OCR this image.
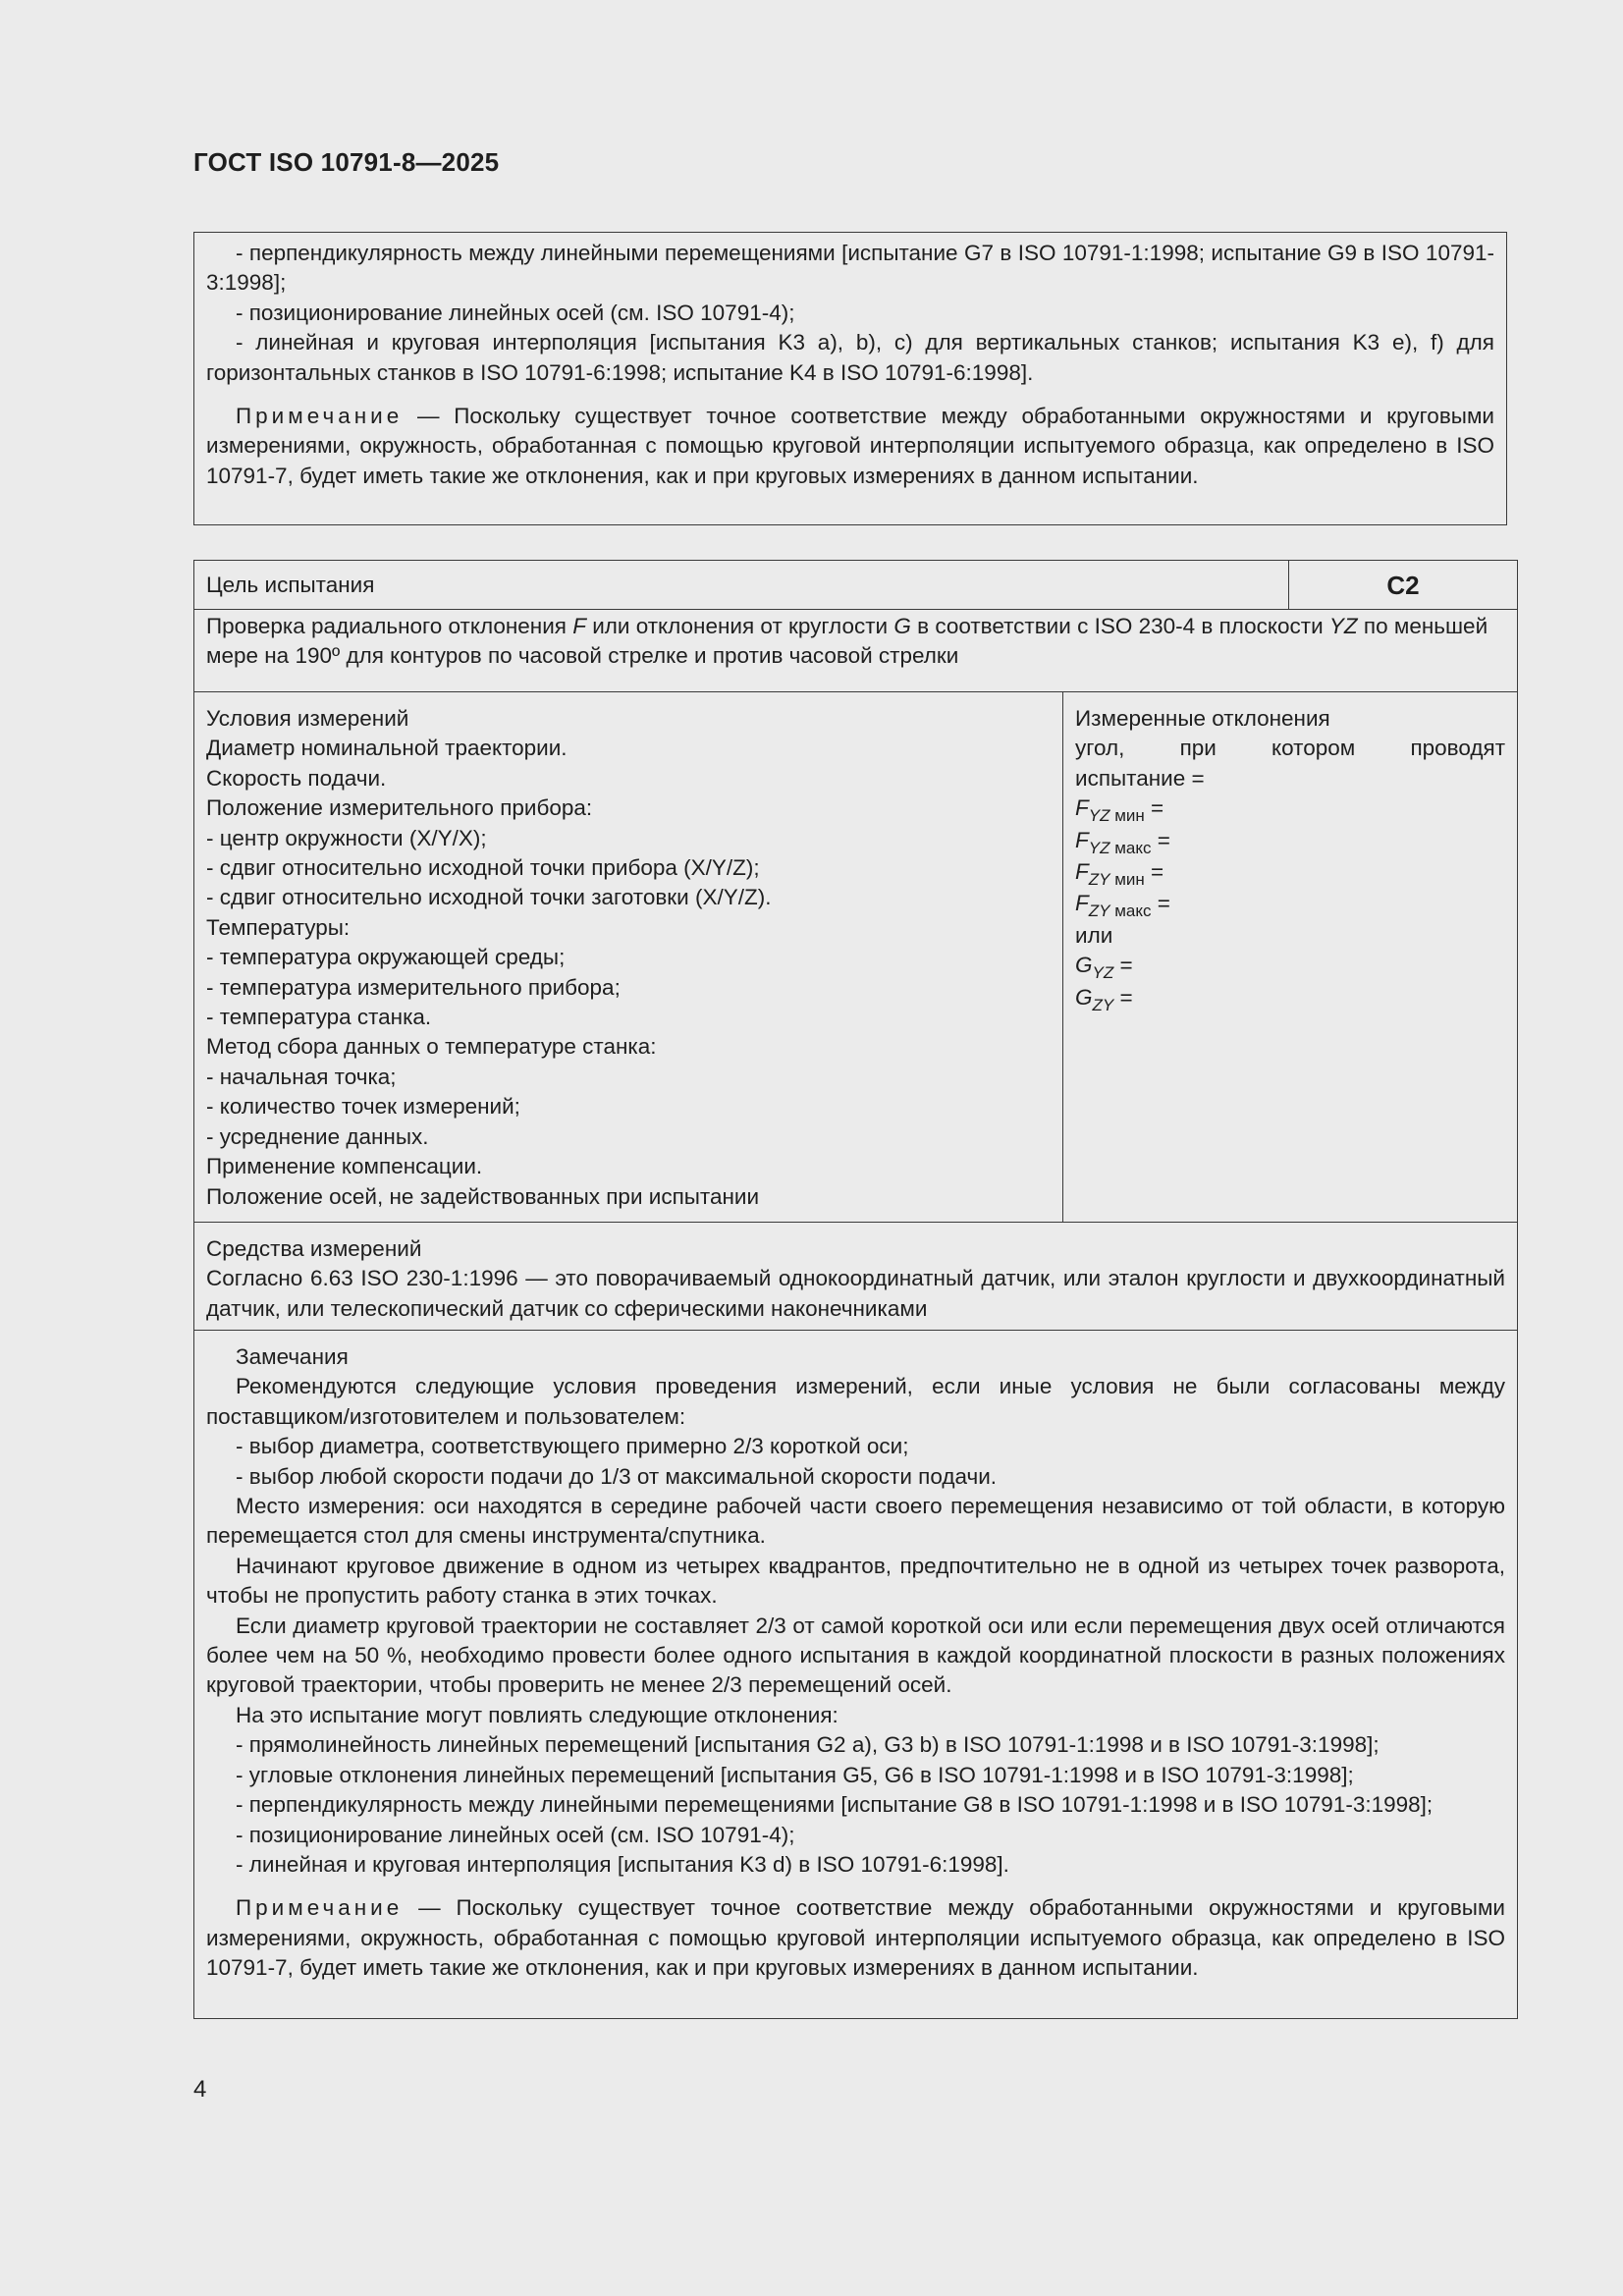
ГОСТ ISO 10791-8—2025

- перпендикулярность между линейными перемещениями [испытание G7 в ISO 10791-1:1998; испытание G9 в ISO 10791-3:1998];

- позиционирование линейных осей (см. ISO 10791-4);

- линейная и круговая интерполяция [испытания K3 a), b), c) для вертикальных станков; испытания K3 e), f) для горизонтальных станков в ISO 10791-6:1998; испытание K4 в ISO 10791-6:1998].

Примечание — Поскольку существует точное соответствие между обработанными окружностями и круговыми измерениями, окружность, обработанная с помощью круговой интерполяции испытуемого образца, как определено в ISO 10791-7, будет иметь такие же отклонения, как и при круговых измерениях в данном испытании.

Цель испытания	C2

Проверка радиального отклонения F или отклонения от круглости G в соответствии с ISO 230-4 в плоскости YZ по меньшей мере на 190º для контуров по часовой стрелке и против часовой стрелки

Условия измерений

Диаметр номинальной траектории.

Скорость подачи.

Положение измерительного прибора:

- центр окружности (X/Y/X);

- сдвиг относительно исходной точки прибора (X/Y/Z);

- сдвиг относительно исходной точки заготовки (X/Y/Z).

Температуры:

- температура окружающей среды;

- температура измерительного прибора;

- температура станка.

Метод сбора данных о температуре станка:

- начальная точка;

- количество точек измерений;

- усреднение данных.

Применение компенсации.

Положение осей, не задействованных при испытании

Измеренные отклонения

угол, при котором проводят

испытание =

$F_{YZ мин}$ =

$F_{YZ макс}$ =

$F_{ZY мин}$ =

$F_{ZY макс}$ =

или

$G_{YZ}$ =

$G_{ZY}$ =

Средства измерений

Согласно 6.63 ISO 230-1:1996 — это поворачиваемый однокоординатный датчик, или эталон круглости и двухкоординатный датчик, или телескопический датчик со сферическими наконечниками

Замечания

Рекомендуются следующие условия проведения измерений, если иные условия не были согласованы между поставщиком/изготовителем и пользователем:

- выбор диаметра, соответствующего примерно 2/3 короткой оси;

- выбор любой скорости подачи до 1/3 от максимальной скорости подачи.

Место измерения: оси находятся в середине рабочей части своего перемещения независимо от той области, в которую перемещается стол для смены инструмента/спутника.

Начинают круговое движение в одном из четырех квадрантов, предпочтительно не в одной из четырех точек разворота, чтобы не пропустить работу станка в этих точках.

Если диаметр круговой траектории не составляет 2/3 от самой короткой оси или если перемещения двух осей отличаются более чем на 50 %, необходимо провести более одного испытания в каждой координатной плоскости в разных положениях круговой траектории, чтобы проверить не менее 2/3 перемещений осей.

На это испытание могут повлиять следующие отклонения:

- прямолинейность линейных перемещений [испытания G2 a), G3 b) в ISO 10791-1:1998 и в ISO 10791-3:1998];

- угловые отклонения линейных перемещений [испытания G5, G6 в ISO 10791-1:1998 и в ISO 10791-3:1998];

- перпендикулярность между линейными перемещениями [испытание G8 в ISO 10791-1:1998 и в ISO 10791-3:1998];

- позиционирование линейных осей (см. ISO 10791-4);

- линейная и круговая интерполяция [испытания K3 d) в ISO 10791-6:1998].

Примечание — Поскольку существует точное соответствие между обработанными окружностями и круговыми измерениями, окружность, обработанная с помощью круговой интерполяции испытуемого образца, как определено в ISO 10791-7, будет иметь такие же отклонения, как и при круговых измерениях в данном испытании.

4
